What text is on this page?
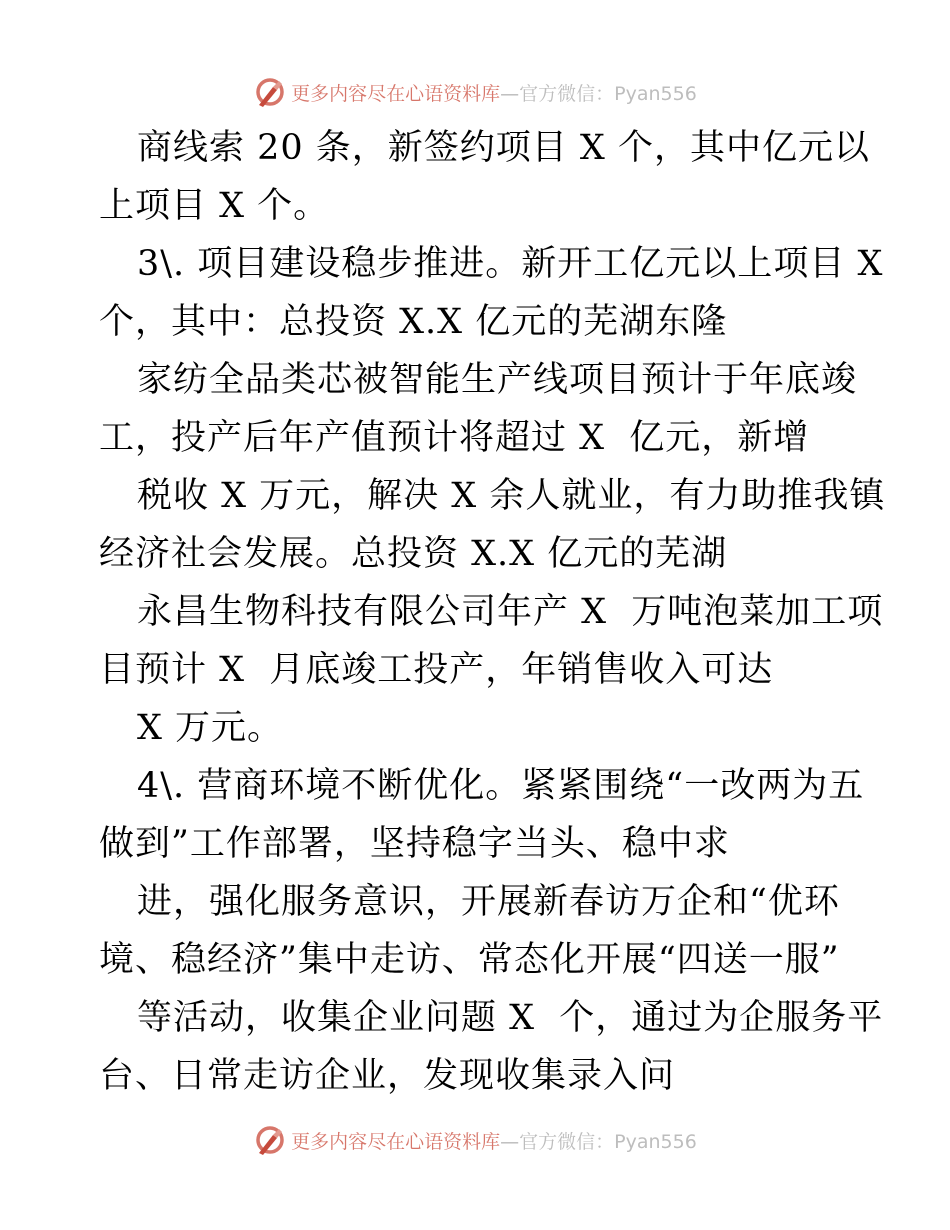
更多内容尽在心语资料库—官方微信：Pyan556
商线索 20 条，新签约项目 X 个，其中亿元以
上项目 X 个。
3\. 项目建设稳步推进。新开工亿元以上项目 X
个，其中：总投资 X.X 亿元的芜湖东隆
家纺全品类芯被智能生产线项目预计于年底竣
工，投产后年产值预计将超过 X  亿元，新增
税收 X 万元，解决 X 余人就业，有力助推我镇
经济社会发展。总投资 X.X 亿元的芜湖
永昌生物科技有限公司年产 X  万吨泡菜加工项
目预计 X  月底竣工投产，年销售收入可达
X 万元。
4\. 营商环境不断优化。紧紧围绕“一改两为五
做到”工作部署，坚持稳字当头、稳中求
进，强化服务意识，开展新春访万企和“优环
境、稳经济”集中走访、常态化开展“四送一服”
等活动，收集企业问题 X  个，通过为企服务平
台、日常走访企业，发现收集录入问
更多内容尽在心语资料库—官方微信：Pyan556
